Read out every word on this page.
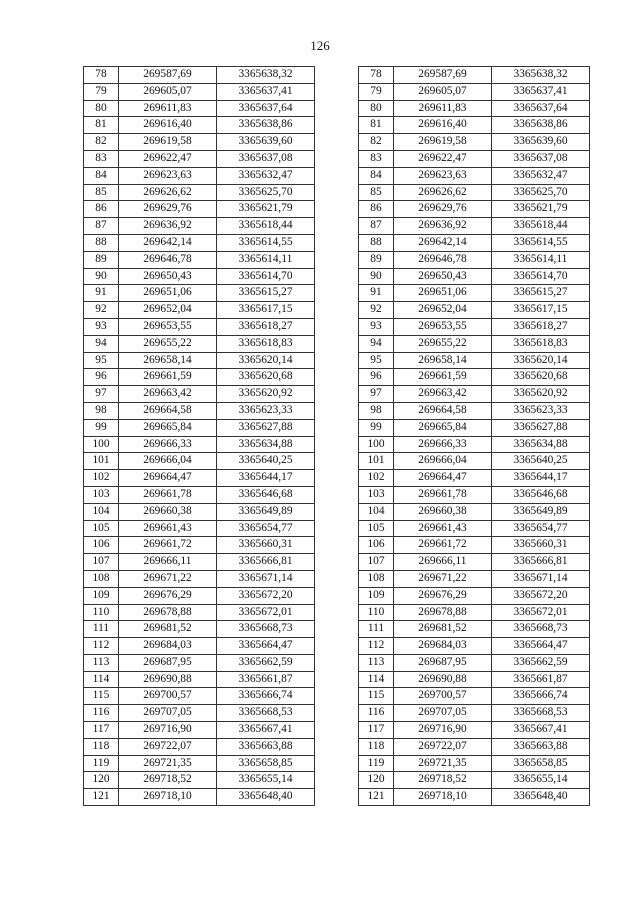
126
78	269587,69	3365638,32
79	269605,07	3365637,41
80	269611,83	3365637,64
81	269616,40	3365638,86
82	269619,58	3365639,60
83	269622,47	3365637,08
84	269623,63	3365632,47
85	269626,62	3365625,70
86	269629,76	3365621,79
87	269636,92	3365618,44
88	269642,14	3365614,55
89	269646,78	3365614,11
90	269650,43	3365614,70
91	269651,06	3365615,27
92	269652,04	3365617,15
93	269653,55	3365618,27
94	269655,22	3365618,83
95	269658,14	3365620,14
96	269661,59	3365620,68
97	269663,42	3365620,92
98	269664,58	3365623,33
99	269665,84	3365627,88
100	269666,33	3365634,88
101	269666,04	3365640,25
102	269664,47	3365644,17
103	269661,78	3365646,68
104	269660,38	3365649,89
105	269661,43	3365654,77
106	269661,72	3365660,31
107	269666,11	3365666,81
108	269671,22	3365671,14
109	269676,29	3365672,20
110	269678,88	3365672,01
111	269681,52	3365668,73
112	269684,03	3365664,47
113	269687,95	3365662,59
114	269690,88	3365661,87
115	269700,57	3365666,74
116	269707,05	3365668,53
117	269716,90	3365667,41
118	269722,07	3365663,88
119	269721,35	3365658,85
120	269718,52	3365655,14
121	269718,10	3365648,40
78	269587,69	3365638,32
79	269605,07	3365637,41
80	269611,83	3365637,64
81	269616,40	3365638,86
82	269619,58	3365639,60
83	269622,47	3365637,08
84	269623,63	3365632,47
85	269626,62	3365625,70
86	269629,76	3365621,79
87	269636,92	3365618,44
88	269642,14	3365614,55
89	269646,78	3365614,11
90	269650,43	3365614,70
91	269651,06	3365615,27
92	269652,04	3365617,15
93	269653,55	3365618,27
94	269655,22	3365618,83
95	269658,14	3365620,14
96	269661,59	3365620,68
97	269663,42	3365620,92
98	269664,58	3365623,33
99	269665,84	3365627,88
100	269666,33	3365634,88
101	269666,04	3365640,25
102	269664,47	3365644,17
103	269661,78	3365646,68
104	269660,38	3365649,89
105	269661,43	3365654,77
106	269661,72	3365660,31
107	269666,11	3365666,81
108	269671,22	3365671,14
109	269676,29	3365672,20
110	269678,88	3365672,01
111	269681,52	3365668,73
112	269684,03	3365664,47
113	269687,95	3365662,59
114	269690,88	3365661,87
115	269700,57	3365666,74
116	269707,05	3365668,53
117	269716,90	3365667,41
118	269722,07	3365663,88
119	269721,35	3365658,85
120	269718,52	3365655,14
121	269718,10	3365648,40
